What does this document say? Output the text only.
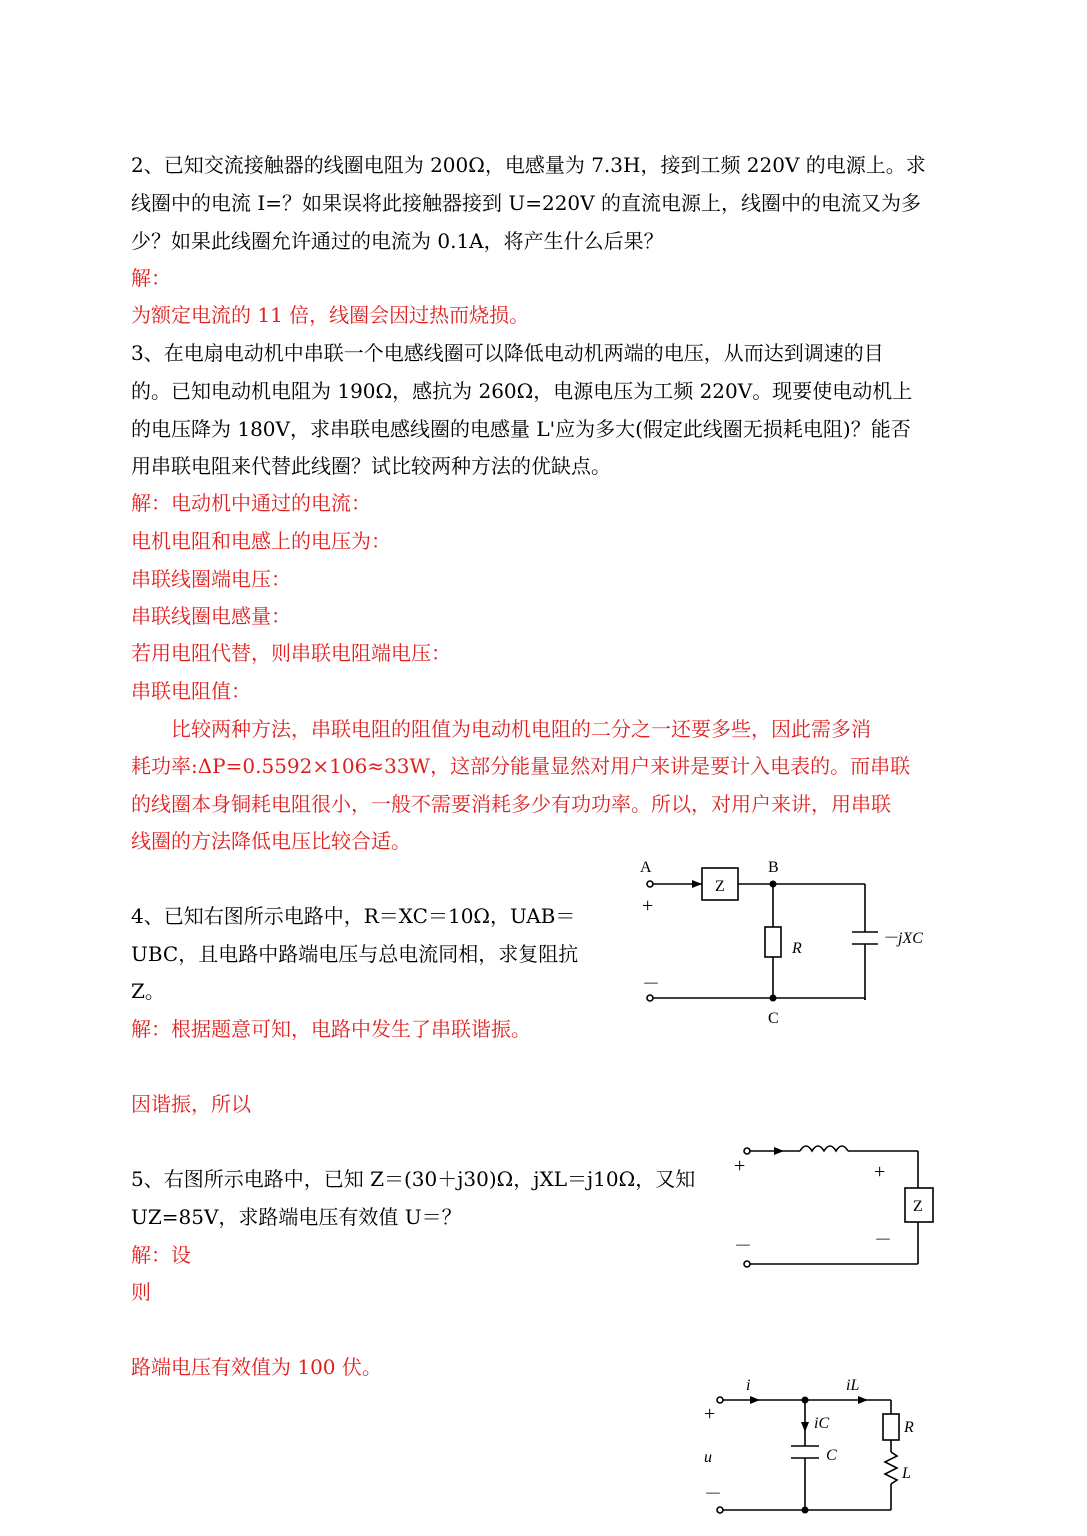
2、已知交流接触器的线圈电阻为 200Ω，电感量为 7.3H，接到工频 220V 的电源上。求
线圈中的电流 I=？如果误将此接触器接到 U=220V 的直流电源上，线圈中的电流又为多
少？如果此线圈允许通过的电流为 0.1A，将产生什么后果？
解：
为额定电流的 11 倍，线圈会因过热而烧损。
3、在电扇电动机中串联一个电感线圈可以降低电动机两端的电压，从而达到调速的目
的。已知电动机电阻为 190Ω，感抗为 260Ω，电源电压为工频 220V。现要使电动机上
的电压降为 180V，求串联电感线圈的电感量 L'应为多大(假定此线圈无损耗电阻)？能否
用串联电阻来代替此线圈？试比较两种方法的优缺点。
解：电动机中通过的电流：
电机电阻和电感上的电压为：
串联线圈端电压：
串联线圈电感量：
若用电阻代替，则串联电阻端电压：
串联电阻值：
　　比较两种方法，串联电阻的阻值为电动机电阻的二分之一还要多些，因此需多消
耗功率:ΔP=0.5592×106≈33W，这部分能量显然对用户来讲是要计入电表的。而串联
的线圈本身铜耗电阻很小，一般不需要消耗多少有功功率。所以，对用户来讲，用串联
线圈的方法降低电压比较合适。
4、已知右图所示电路中，R＝XC＝10Ω，UAB＝
UBC，且电路中路端电压与总电流同相，求复阻抗
Z。
解：根据题意可知，电路中发生了串联谐振。
因谐振，所以
5、右图所示电路中，已知 Z＝(30＋j30)Ω，jXL＝j10Ω，又知
UZ=85V，求路端电压有效值 U＝？
解：设
则
路端电压有效值为 100 伏。
A	B
C
Z
R
－jXC
+
－
Z
+
－
+
－
i	iL
iC
C
R
L
u
+
－
